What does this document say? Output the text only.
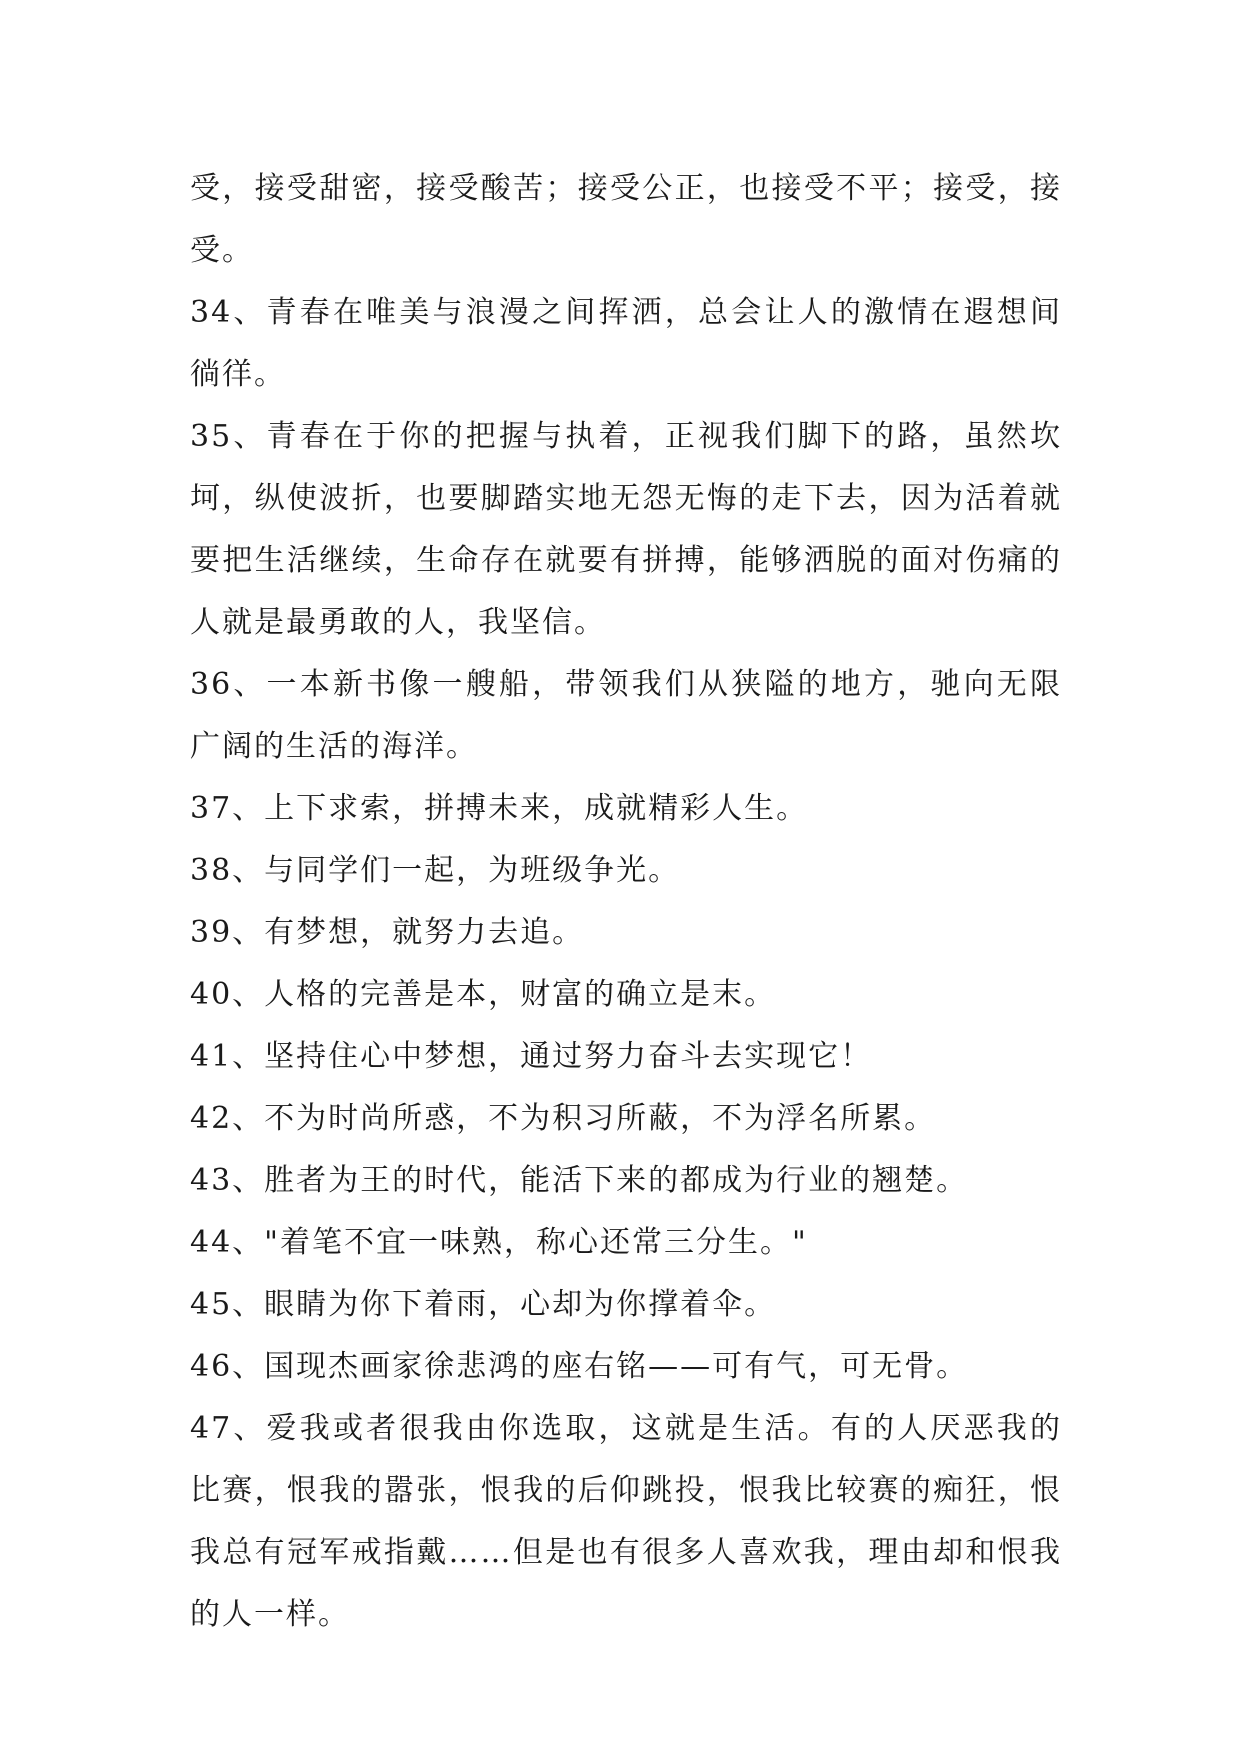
受，接受甜密，接受酸苦；接受公正，也接受不平；接受，接受。

34、青春在唯美与浪漫之间挥洒，总会让人的激情在遐想间徜徉。

35、青春在于你的把握与执着，正视我们脚下的路，虽然坎坷，纵使波折，也要脚踏实地无怨无悔的走下去，因为活着就要把生活继续，生命存在就要有拼搏，能够洒脱的面对伤痛的人就是最勇敢的人，我坚信。

36、一本新书像一艘船，带领我们从狭隘的地方，驰向无限广阔的生活的海洋。

37、上下求索，拼搏未来，成就精彩人生。

38、与同学们一起，为班级争光。

39、有梦想，就努力去追。

40、人格的完善是本，财富的确立是末。

41、坚持住心中梦想，通过努力奋斗去实现它！

42、不为时尚所惑，不为积习所蔽，不为浮名所累。

43、胜者为王的时代，能活下来的都成为行业的翘楚。

44、"着笔不宜一味熟，称心还常三分生。"

45、眼睛为你下着雨，心却为你撑着伞。

46、国现杰画家徐悲鸿的座右铭——可有气，可无骨。

47、爱我或者很我由你选取，这就是生活。有的人厌恶我的比赛，恨我的嚣张，恨我的后仰跳投，恨我比较赛的痴狂，恨我总有冠军戒指戴……但是也有很多人喜欢我，理由却和恨我的人一样。
